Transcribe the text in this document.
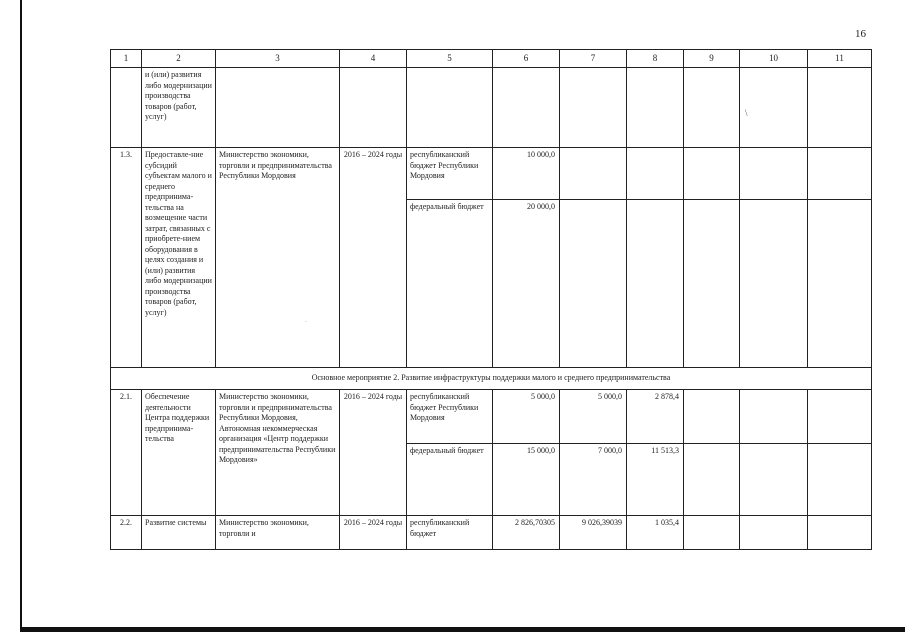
16
\
.
1	2	3	4	5	6	7	8	9	10	11
	и (или) развития либо модернизации производства товаров (работ, услуг)									
1.3.	Предоставле-ние субсидий субъектам малого и среднего предпринима-тельства на возмещение части затрат, связанных с приобрете-нием оборудования в целях создания и (или) развития либо модернизации производства товаров (работ, услуг)	Министерство экономики, торговли и предпринимательства Республики Мордовия	2016 – 2024 годы	республиканский бюджет Республики Мордовия	10 000,0					
				федеральный бюджет	20 000,0					
Основное мероприятие 2. Развитие инфраструктуры поддержки малого и среднего предпринимательства										
2.1.	Обеспечение деятельности Центра поддержки предпринима-тельства	Министерство экономики, торговли и предпринимательства Республики Мордовия, Автономная некоммерческая организация «Центр поддержки предпринимательства Республики Мордовия»	2016 – 2024 годы	республиканский бюджет Республики Мордовия	5 000,0	5 000,0	2 878,4			
				федеральный бюджет	15 000,0	7 000,0	11 513,3			
2.2.	Развитие системы	Министерство экономики, торговли и	2016 – 2024 годы	республиканский бюджет	2 826,70305	9 026,39039	1 035,4			
